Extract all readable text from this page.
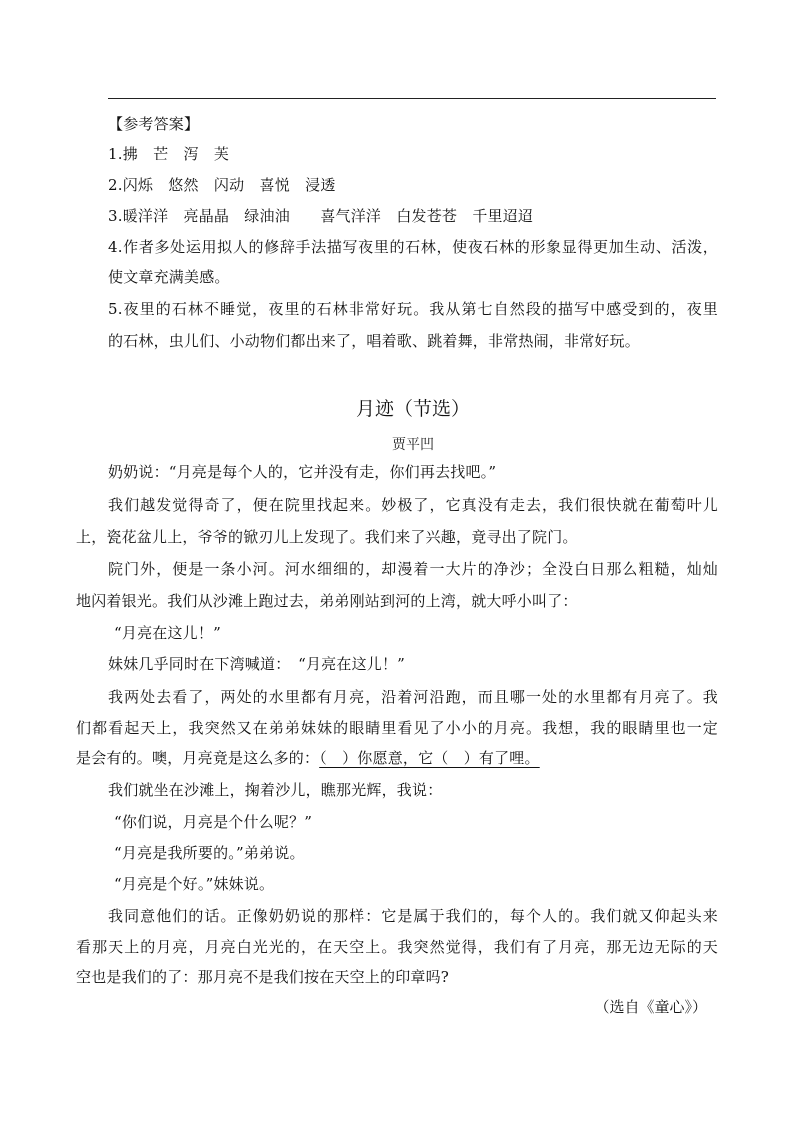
【参考答案】
1.拂　芒　泻　芙
2.闪烁　悠然　闪动　喜悦　浸透
3.暖洋洋　亮晶晶　绿油油　　喜气洋洋　白发苍苍　千里迢迢
4.作者多处运用拟人的修辞手法描写夜里的石林，使夜石林的形象显得更加生动、活泼，
使文章充满美感。
5.夜里的石林不睡觉，夜里的石林非常好玩。我从第七自然段的描写中感受到的，夜里
的石林，虫儿们、小动物们都出来了，唱着歌、跳着舞，非常热闹，非常好玩。
月迹（节选）
贾平凹
奶奶说：“月亮是每个人的，它并没有走，你们再去找吧。”
我们越发觉得奇了，便在院里找起来。妙极了，它真没有走去，我们很快就在葡萄叶儿
上，瓷花盆儿上，爷爷的锨刃儿上发现了。我们来了兴趣，竟寻出了院门。
院门外，便是一条小河。河水细细的，却漫着一大片的净沙；全没白日那么粗糙，灿灿
地闪着银光。我们从沙滩上跑过去，弟弟刚站到河的上湾，就大呼小叫了：
“月亮在这儿！”
妹妹几乎同时在下湾喊道：　“月亮在这儿！”
我两处去看了，两处的水里都有月亮，沿着河沿跑，而且哪一处的水里都有月亮了。我
们都看起天上，我突然又在弟弟妹妹的眼睛里看见了小小的月亮。我想，我的眼睛里也一定
是会有的。噢，月亮竟是这么多的：（　）你愿意，它（　）有了哩。
我们就坐在沙滩上，掬着沙儿，瞧那光辉，我说：
“你们说，月亮是个什么呢？”
“月亮是我所要的。”弟弟说。
“月亮是个好。”妹妹说。
我同意他们的话。正像奶奶说的那样：它是属于我们的，每个人的。我们就又仰起头来
看那天上的月亮，月亮白光光的，在天空上。我突然觉得，我们有了月亮，那无边无际的天
空也是我们的了：那月亮不是我们按在天空上的印章吗?
（选自《童心》）
